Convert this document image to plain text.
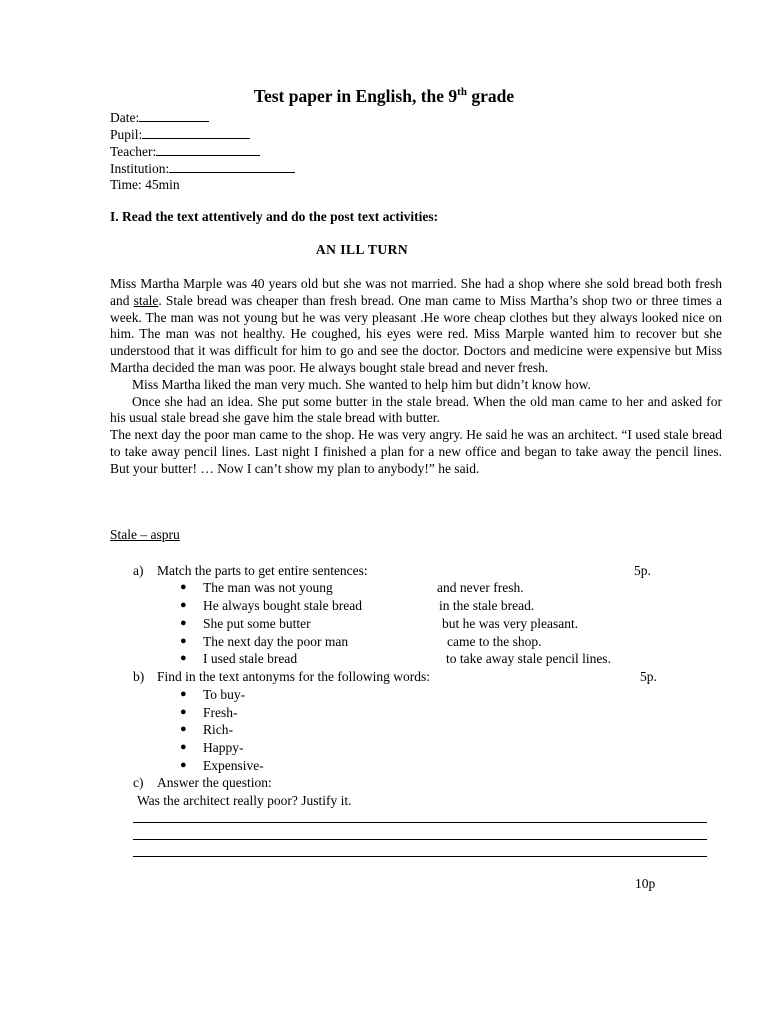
Test paper in English, the 9th grade
Date:
Pupil:
Teacher:
Institution:
Time: 45min
I. Read the text attentively and do the post text activities:
AN ILL TURN

Miss Martha Marple was 40 years old but she was not married. She had a shop where she sold bread both fresh and stale. Stale bread was cheaper than fresh bread. One man came to Miss Martha’s shop two or three times a week. The man was not young but he was very pleasant .He wore cheap clothes but they always looked nice on him. The man was not healthy. He coughed, his eyes were red. Miss Marple wanted him to recover but she understood that it was difficult for him to go and see the doctor. Doctors and medicine were expensive but Miss Martha decided the man was poor. He always bought stale bread and never fresh.

Miss Martha liked the man very much. She wanted to help him but didn’t know how.

Once she had an idea. She put some butter in the stale bread. When the old man came to her and asked for his usual stale bread she gave him the stale bread with butter.

The next day the poor man came to the shop. He was very angry. He said he was an architect. “I used stale bread to take away pencil lines. Last night I finished a plan for a new office and began to take away the pencil lines. But your butter! … Now I can’t show my plan to anybody!” he said.

Stale – aspru
a) Match the parts to get entire sentences:	5p.
● The man was not young	and never fresh.
● He always bought stale bread	in the stale bread.
● She put some butter	but he was very pleasant.
● The next day the poor man	came to the shop.
● I used stale bread	to take away stale pencil lines.
b) Find in the text antonyms for the following words:	5p.
● To buy-
● Fresh-
● Rich-
● Happy-
● Expensive-
c) Answer the question:
Was the architect really poor? Justify it.
10p
